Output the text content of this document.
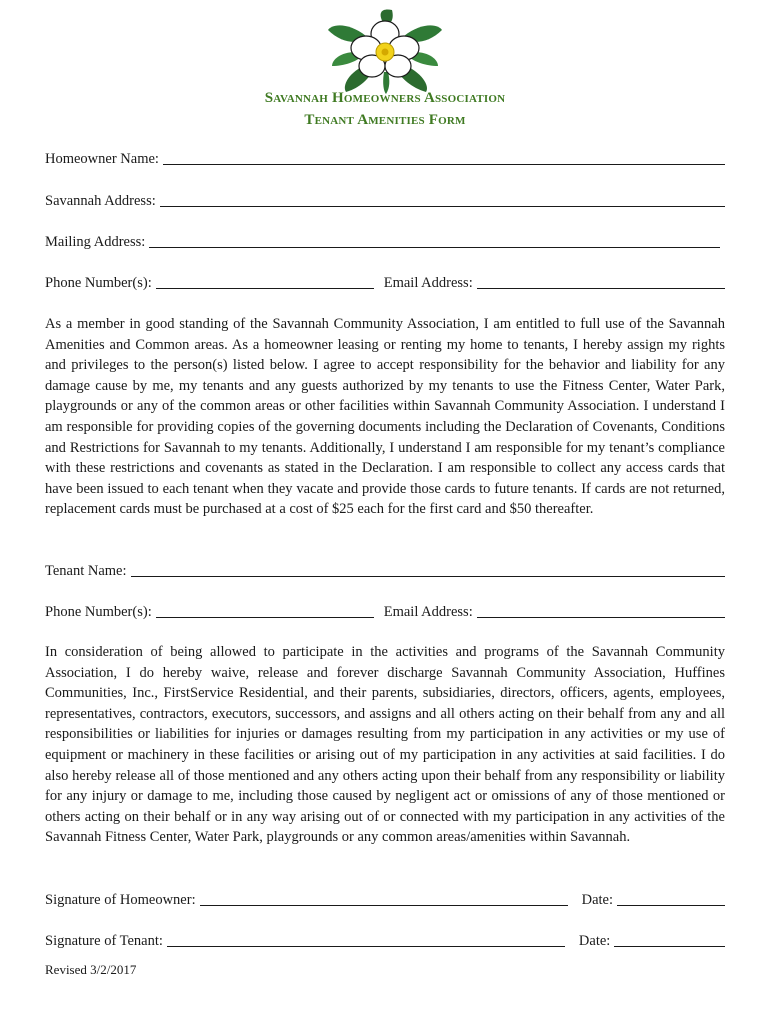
Savannah Homeowners Association
Tenant Amenities Form
Homeowner Name:
Savannah Address:
Mailing Address:
Phone Number(s):	Email Address:

As a member in good standing of the Savannah Community Association, I am entitled to full use of the Savannah Amenities and Common areas. As a homeowner leasing or renting my home to tenants, I hereby assign my rights and privileges to the person(s) listed below. I agree to accept responsibility for the behavior and liability for any damage cause by me, my tenants and any guests authorized by my tenants to use the Fitness Center, Water Park, playgrounds or any of the common areas or other facilities within Savannah Community Association. I understand I am responsible for providing copies of the governing documents including the Declaration of Covenants, Conditions and Restrictions for Savannah to my tenants. Additionally, I understand I am responsible for my tenant’s compliance with these restrictions and covenants as stated in the Declaration. I am responsible to collect any access cards that have been issued to each tenant when they vacate and provide those cards to future tenants. If cards are not returned, replacement cards must be purchased at a cost of $25 each for the first card and $50 thereafter.

Tenant Name:
Phone Number(s):	Email Address:

In consideration of being allowed to participate in the activities and programs of the Savannah Community Association, I do hereby waive, release and forever discharge Savannah Community Association, Huffines Communities, Inc., FirstService Residential, and their parents, subsidiaries, directors, officers, agents, employees, representatives, contractors, executors, successors, and assigns and all others acting on their behalf from any and all responsibilities or liabilities for injuries or damages resulting from my participation in any activities or my use of equipment or machinery in these facilities or arising out of my participation in any activities at said facilities. I do also hereby release all of those mentioned and any others acting upon their behalf from any responsibility or liability for any injury or damage to me, including those caused by negligent act or omissions of any of those mentioned or others acting on their behalf or in any way arising out of or connected with my participation in any activities of the Savannah Fitness Center, Water Park, playgrounds or any common areas/amenities within Savannah.

Signature of Homeowner:	Date:
Signature of Tenant:	Date:
Revised 3/2/2017
